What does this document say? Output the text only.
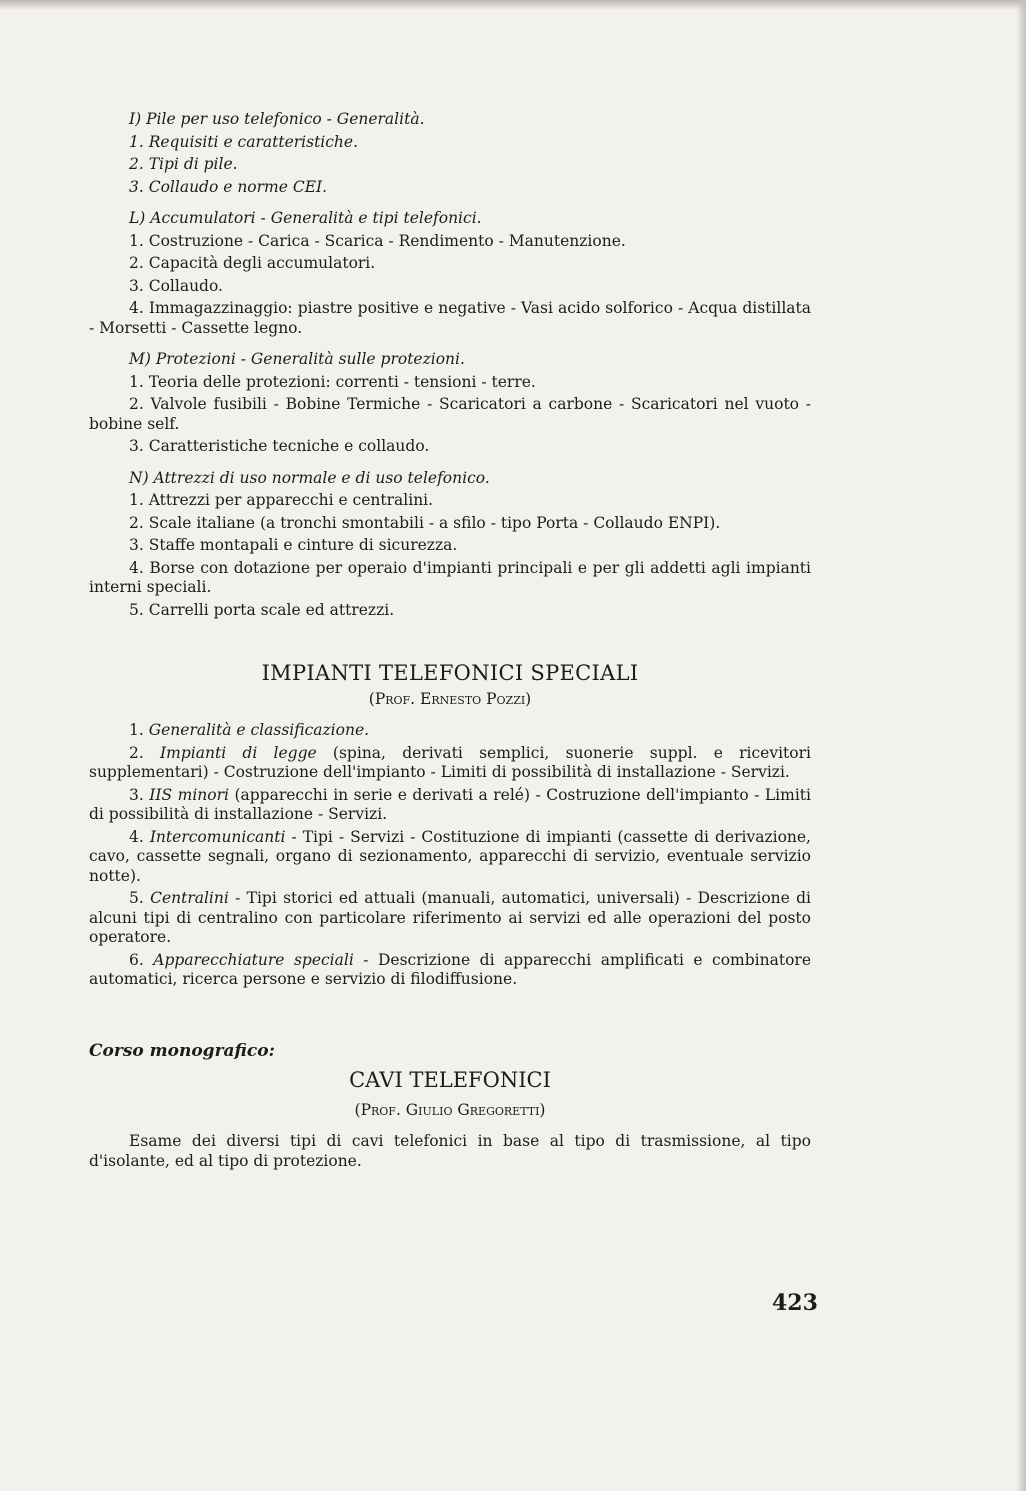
I) Pile per uso telefonico - Generalità.

1. Requisiti e caratteristiche.

2. Tipi di pile.

3. Collaudo e norme CEI.

L) Accumulatori - Generalità e tipi telefonici.

1. Costruzione - Carica - Scarica - Rendimento - Manutenzione.

2. Capacità degli accumulatori.

3. Collaudo.

4. Immagazzinaggio: piastre positive e negative - Vasi acido solforico - Acqua distillata - Morsetti - Cassette legno.

M) Protezioni - Generalità sulle protezioni.

1. Teoria delle protezioni: correnti - tensioni - terre.

2. Valvole fusibili - Bobine Termiche - Scaricatori a carbone - Scaricatori nel vuoto - bobine self.

3. Caratteristiche tecniche e collaudo.

N) Attrezzi di uso normale e di uso telefonico.

1. Attrezzi per apparecchi e centralini.

2. Scale italiane (a tronchi smontabili - a sfilo - tipo Porta - Collaudo ENPI).

3. Staffe montapali e cinture di sicurezza.

4. Borse con dotazione per operaio d'impianti principali e per gli addetti agli impianti interni speciali.

5. Carrelli porta scale ed attrezzi.

IMPIANTI TELEFONICI SPECIALI
(Prof. Ernesto Pozzi)

1. Generalità e classificazione.

2. Impianti di legge (spina, derivati semplici, suonerie suppl. e ricevitori supplementari) - Costruzione dell'impianto - Limiti di possibilità di installazione - Servizi.

3. IIS minori (apparecchi in serie e derivati a relé) - Costruzione dell'impianto - Limiti di possibilità di installazione - Servizi.

4. Intercomunicanti - Tipi - Servizi - Costituzione di impianti (cassette di derivazione, cavo, cassette segnali, organo di sezionamento, apparecchi di servizio, eventuale servizio notte).

5. Centralini - Tipi storici ed attuali (manuali, automatici, universali) - Descrizione di alcuni tipi di centralino con particolare riferimento ai servizi ed alle operazioni del posto operatore.

6. Apparecchiature speciali - Descrizione di apparecchi amplificati e combinatore automatici, ricerca persone e servizio di filodiffusione.

Corso monografico:
CAVI TELEFONICI
(Prof. Giulio Gregoretti)

Esame dei diversi tipi di cavi telefonici in base al tipo di trasmissione, al tipo d'isolante, ed al tipo di protezione.

423
